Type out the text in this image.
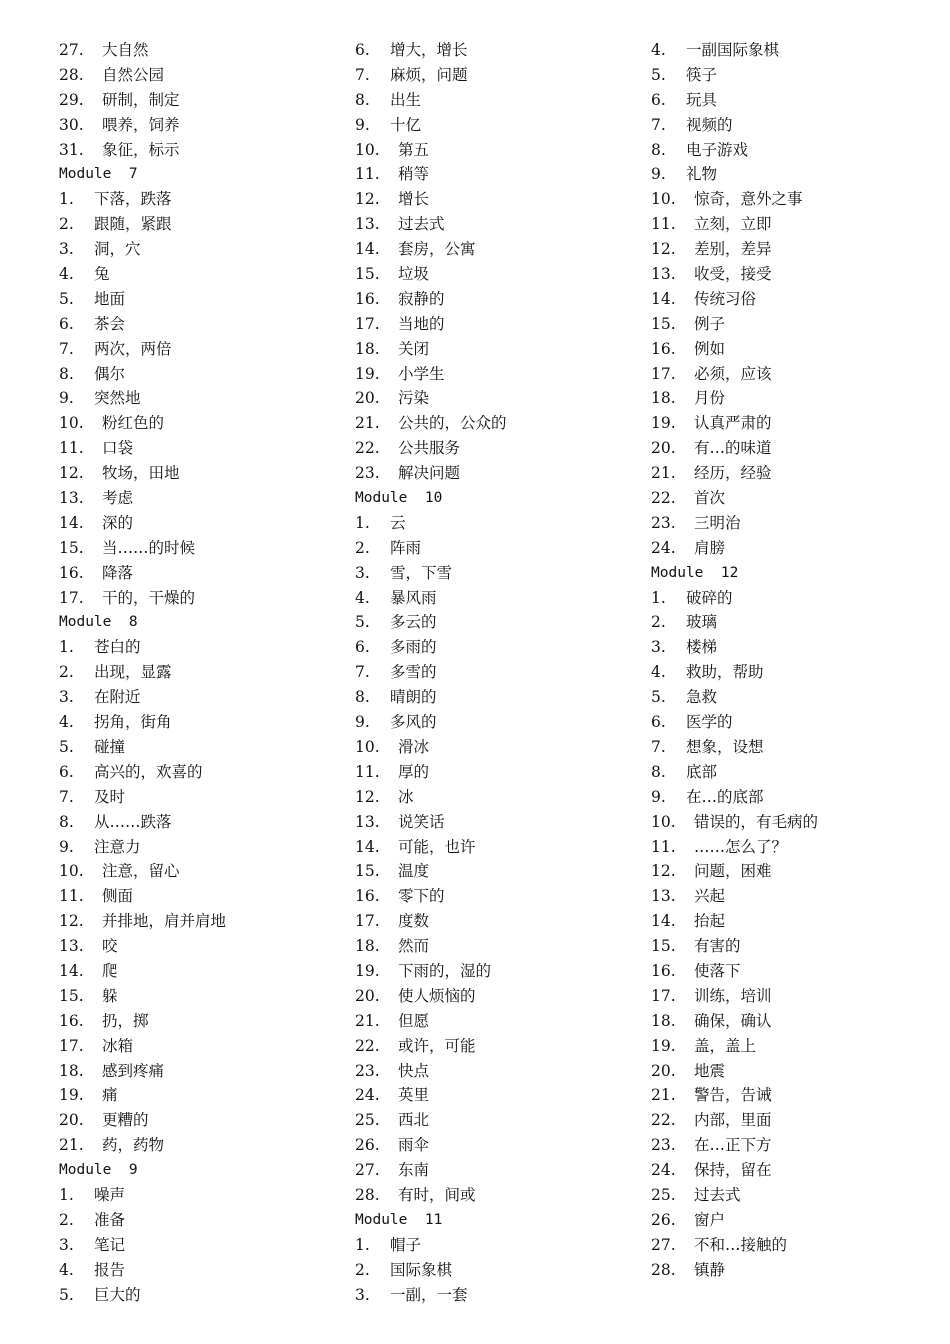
27. 大自然
28. 自然公园
29. 研制，制定
30. 喂养，饲养
31. 象征，标示
Module  7
1. 下落，跌落
2. 跟随，紧跟
3. 洞，穴
4. 兔
5. 地面
6. 茶会
7. 两次，两倍
8. 偶尔
9. 突然地
10. 粉红色的
11. 口袋
12. 牧场，田地
13. 考虑
14. 深的
15. 当……的时候
16. 降落
17. 干的，干燥的
Module  8
1. 苍白的
2. 出现，显露
3. 在附近
4. 拐角，街角
5. 碰撞
6. 高兴的，欢喜的
7. 及时
8. 从……跌落
9. 注意力
10. 注意，留心
11. 侧面
12. 并排地，肩并肩地
13. 咬
14. 爬
15. 躲
16. 扔，掷
17. 冰箱
18. 感到疼痛
19. 痛
20. 更糟的
21. 药，药物
Module  9
1. 噪声
2. 准备
3. 笔记
4. 报告
5. 巨大的
6. 增大，增长
7. 麻烦，问题
8. 出生
9. 十亿
10. 第五
11. 稍等
12. 增长
13. 过去式
14. 套房，公寓
15. 垃圾
16. 寂静的
17. 当地的
18. 关闭
19. 小学生
20. 污染
21. 公共的，公众的
22. 公共服务
23. 解决问题
Module  10
1. 云
2. 阵雨
3. 雪，下雪
4. 暴风雨
5. 多云的
6. 多雨的
7. 多雪的
8. 晴朗的
9. 多风的
10. 滑冰
11. 厚的
12. 冰
13. 说笑话
14. 可能，也许
15. 温度
16. 零下的
17. 度数
18. 然而
19. 下雨的，湿的
20. 使人烦恼的
21. 但愿
22. 或许，可能
23. 快点
24. 英里
25. 西北
26. 雨伞
27. 东南
28. 有时，间或
Module  11
1. 帽子
2. 国际象棋
3. 一副，一套
4. 一副国际象棋
5. 筷子
6. 玩具
7. 视频的
8. 电子游戏
9. 礼物
10. 惊奇，意外之事
11. 立刻，立即
12. 差别，差异
13. 收受，接受
14. 传统习俗
15. 例子
16. 例如
17. 必须，应该
18. 月份
19. 认真严肃的
20. 有…的味道
21. 经历，经验
22. 首次
23. 三明治
24. 肩膀
Module  12
1. 破碎的
2. 玻璃
3. 楼梯
4. 救助，帮助
5. 急救
6. 医学的
7. 想象，设想
8. 底部
9. 在…的底部
10. 错误的，有毛病的
11. ……怎么了？
12. 问题，困难
13. 兴起
14. 抬起
15. 有害的
16. 使落下
17. 训练，培训
18. 确保，确认
19. 盖，盖上
20. 地震
21. 警告，告诫
22. 内部，里面
23. 在…正下方
24. 保持，留在
25. 过去式
26. 窗户
27. 不和…接触的
28. 镇静
